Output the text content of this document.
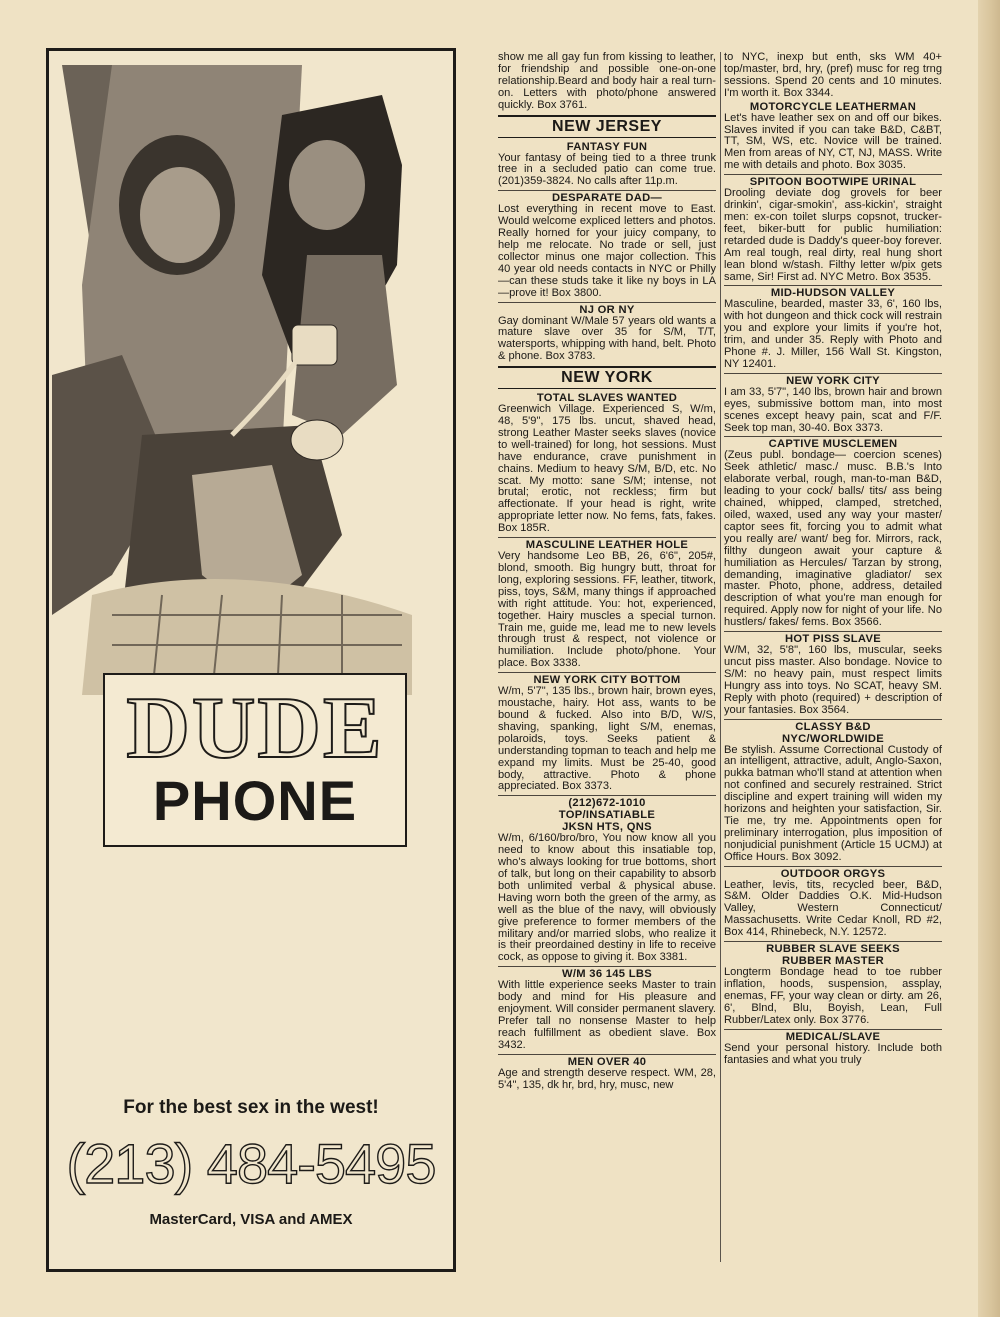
DUDE
PHONE
For the best sex in the west!
(213) 484-5495
MasterCard, VISA and AMEX

show me all gay fun from kissing to leather, for friendship and possible one-on-one relationship.Beard and body hair a real turn-on. Letters with photo/phone answered quickly. Box 3761.

NEW JERSEY
FANTASY FUN

Your fantasy of being tied to a three trunk tree in a secluded patio can come true. (201)359-3824. No calls after 11p.m.

DESPARATE DAD—

Lost everything in recent move to East. Would welcome expliced letters and photos. Really horned for your juicy company, to help me relocate. No trade or sell, just collector minus one major collection. This 40 year old needs contacts in NYC or Philly—can these studs take it like ny boys in LA—prove it! Box 3800.

NJ OR NY

Gay dominant W/Male 57 years old wants a mature slave over 35 for S/M, T/T, watersports, whipping with hand, belt. Photo & phone. Box 3783.

NEW YORK
TOTAL SLAVES WANTED

Greenwich Village. Experienced S, W/m, 48, 5'9", 175 lbs. uncut, shaved head, strong Leather Master seeks slaves (novice to well-trained) for long, hot sessions. Must have endurance, crave punishment in chains. Medium to heavy S/M, B/D, etc. No scat. My motto: sane S/M; intense, not brutal; erotic, not reckless; firm but affectionate. If your head is right, write appropriate letter now. No fems, fats, fakes. Box 185R.

MASCULINE LEATHER HOLE

Very handsome Leo BB, 26, 6'6", 205#, blond, smooth. Big hungry butt, throat for long, exploring sessions. FF, leather, titwork, piss, toys, S&M, many things if approached with right attitude. You: hot, experienced, together. Hairy muscles a special turnon. Train me, guide me, lead me to new levels through trust & respect, not violence or humiliation. Include photo/phone. Your place. Box 3338.

NEW YORK CITY BOTTOM

W/m, 5'7", 135 lbs., brown hair, brown eyes, moustache, hairy. Hot ass, wants to be bound & fucked. Also into B/D, W/S, shaving, spanking, light S/M, enemas, polaroids, toys. Seeks patient & understanding topman to teach and help me expand my limits. Must be 25-40, good body, attractive. Photo & phone appreciated. Box 3373.

(212)672-1010
TOP/INSATIABLE
JKSN HTS, QNS

W/m, 6/160/bro/bro, You now know all you need to know about this insatiable top, who's always looking for true bottoms, short of talk, but long on their capability to absorb both unlimited verbal & physical abuse. Having worn both the green of the army, as well as the blue of the navy, will obviously give preference to former members of the military and/or married slobs, who realize it is their preordained destiny in life to receive cock, as oppose to giving it. Box 3381.

W/M 36 145 LBS

With little experience seeks Master to train body and mind for His pleasure and enjoyment. Will consider permanent slavery. Prefer tall no nonsense Master to help reach fulfillment as obedient slave. Box 3432.

MEN OVER 40

Age and strength deserve respect. WM, 28, 5'4", 135, dk hr, brd, hry, musc, new

to NYC, inexp but enth, sks WM 40+ top/master, brd, hry, (pref) musc for reg trng sessions. Spend 20 cents and 10 minutes. I'm worth it. Box 3344.

MOTORCYCLE LEATHERMAN

Let's have leather sex on and off our bikes. Slaves invited if you can take B&D, C&BT, TT, SM, WS, etc. Novice will be trained. Men from areas of NY, CT, NJ, MASS. Write me with details and photo. Box 3035.

SPITOON BOOTWIPE URINAL

Drooling deviate dog grovels for beer drinkin', cigar-smokin', ass-kickin', straight men: ex-con toilet slurps copsnot, trucker-feet, biker-butt for public humiliation: retarded dude is Daddy's queer-boy forever. Am real tough, real dirty, real hung short lean blond w/stash. Filthy letter w/pix gets same, Sir! First ad. NYC Metro. Box 3535.

MID-HUDSON VALLEY

Masculine, bearded, master 33, 6', 160 lbs, with hot dungeon and thick cock will restrain you and explore your limits if you're hot, trim, and under 35. Reply with Photo and Phone #. J. Miller, 156 Wall St. Kingston, NY 12401.

NEW YORK CITY

I am 33, 5'7", 140 lbs, brown hair and brown eyes, submissive bottom man, into most scenes except heavy pain, scat and F/F. Seek top man, 30-40. Box 3373.

CAPTIVE MUSCLEMEN

(Zeus publ. bondage— coercion scenes) Seek athletic/ masc./ musc. B.B.'s Into elaborate verbal, rough, man-to-man B&D, leading to your cock/ balls/ tits/ ass being chained, whipped, clamped, stretched, oiled, waxed, used any way your master/ captor sees fit, forcing you to admit what you really are/ want/ beg for. Mirrors, rack, filthy dungeon await your capture & humiliation as Hercules/ Tarzan by strong, demanding, imaginative gladiator/ sex master. Photo, phone, address, detailed description of what you're man enough for required. Apply now for night of your life. No hustlers/ fakes/ fems. Box 3566.

HOT PISS SLAVE

W/M, 32, 5'8", 160 lbs, muscular, seeks uncut piss master. Also bondage. Novice to S/M: no heavy pain, must respect limits Hungry ass into toys. No SCAT, heavy SM. Reply with photo (required) + description of your fantasies. Box 3564.

CLASSY B&D
NYC/WORLDWIDE

Be stylish. Assume Correctional Custody of an intelligent, attractive, adult, Anglo-Saxon, pukka batman who'll stand at attention when not confined and securely restrained. Strict discipline and expert training will widen my horizons and heighten your satisfaction, Sir. Tie me, try me. Appointments open for preliminary interrogation, plus imposition of nonjudicial punishment (Article 15 UCMJ) at Office Hours. Box 3092.

OUTDOOR ORGYS

Leather, levis, tits, recycled beer, B&D, S&M. Older Daddies O.K. Mid-Hudson Valley, Western Connecticut/ Massachusetts. Write Cedar Knoll, RD #2, Box 414, Rhinebeck, N.Y. 12572.

RUBBER SLAVE SEEKS
RUBBER MASTER

Longterm Bondage head to toe rubber inflation, hoods, suspension, assplay, enemas, FF, your way clean or dirty. am 26, 6', Blnd, Blu, Boyish, Lean, Full Rubber/Latex only. Box 3776.

MEDICAL/SLAVE

Send your personal history. Include both fantasies and what you truly
